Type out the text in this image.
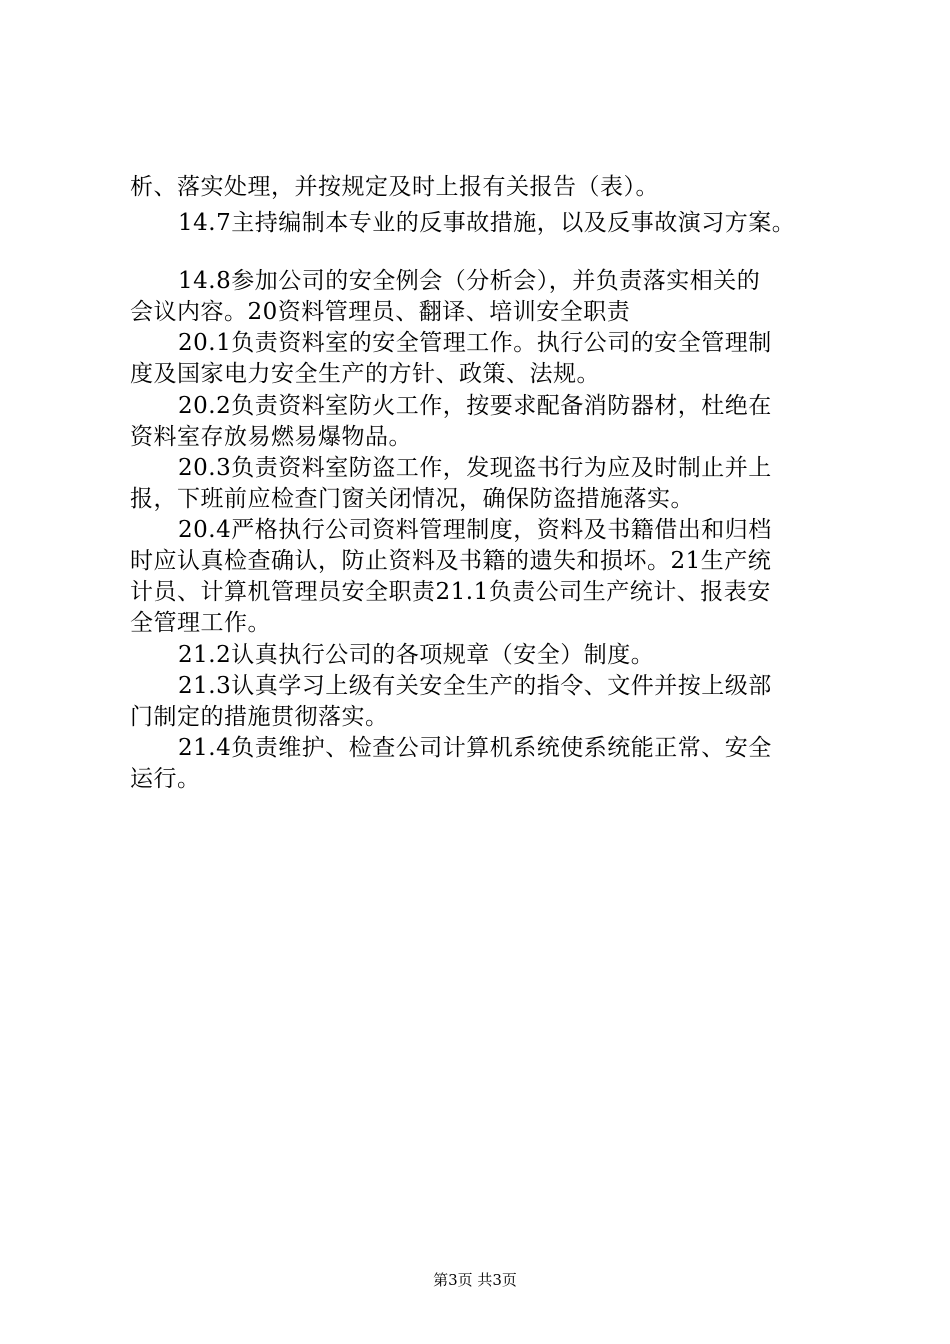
析、落实处理，并按规定及时上报有关报告（表）。
14.7主持编制本专业的反事故措施，以及反事故演习方案。
14.8参加公司的安全例会（分析会），并负责落实相关的
会议内容。20资料管理员、翻译、培训安全职责
20.1负责资料室的安全管理工作。执行公司的安全管理制
度及国家电力安全生产的方针、政策、法规。
20.2负责资料室防火工作，按要求配备消防器材，杜绝在
资料室存放易燃易爆物品。
20.3负责资料室防盗工作，发现盗书行为应及时制止并上
报，下班前应检查门窗关闭情况，确保防盗措施落实。
20.4严格执行公司资料管理制度，资料及书籍借出和归档
时应认真检查确认，防止资料及书籍的遗失和损坏。21生产统
计员、计算机管理员安全职责21.1负责公司生产统计、报表安
全管理工作。
21.2认真执行公司的各项规章（安全）制度。
21.3认真学习上级有关安全生产的指令、文件并按上级部
门制定的措施贯彻落实。
21.4负责维护、检查公司计算机系统使系统能正常、安全
运行。
第3页 共3页
